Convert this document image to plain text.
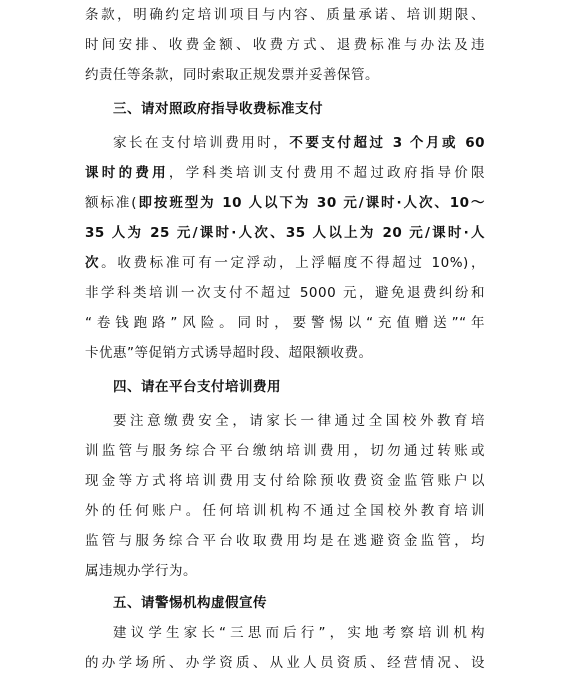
条款，明确约定培训项目与内容、质量承诺、培训期限、
时间安排、收费金额、收费方式、退费标准与办法及违
约责任等条款，同时索取正规发票并妥善保管。
三、请对照政府指导收费标准支付
家长在支付培训费用时，不要支付超过 3 个月或 60
课时的费用，学科类培训支付费用不超过政府指导价限
额标准(即按班型为 10 人以下为 30 元/课时·人次、10～
35 人为 25 元/课时·人次、35 人以上为 20 元/课时·人
次。收费标准可有一定浮动，上浮幅度不得超过 10%)，
非学科类培训一次支付不超过 5000 元，避免退费纠纷和
“卷钱跑路”风险。同时，要警惕以“充值赠送”“年
卡优惠”等促销方式诱导超时段、超限额收费。
四、请在平台支付培训费用
要注意缴费安全，请家长一律通过全国校外教育培
训监管与服务综合平台缴纳培训费用，切勿通过转账或
现金等方式将培训费用支付给除预收费资金监管账户以
外的任何账户。任何培训机构不通过全国校外教育培训
监管与服务综合平台收取费用均是在逃避资金监管，均
属违规办学行为。
五、请警惕机构虚假宣传
建议学生家长“三思而后行”，实地考察培训机构
的办学场所、办学资质、从业人员资质、经营情况、设
